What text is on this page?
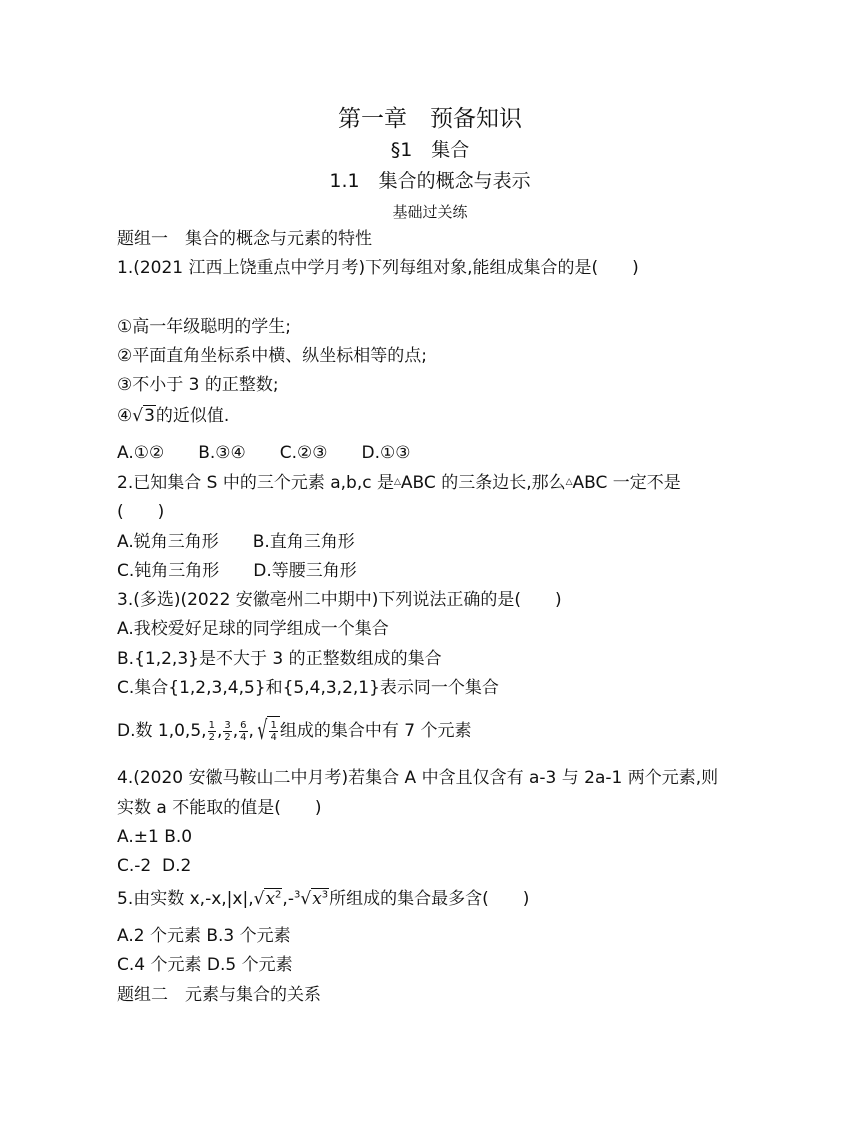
第一章　预备知识
§1　集合
1.1　集合的概念与表示
基础过关练
题组一　集合的概念与元素的特性
1.(2021 江西上饶重点中学月考)下列每组对象,能组成集合的是(　　)
①高一年级聪明的学生;
②平面直角坐标系中横、纵坐标相等的点;
③不小于 3 的正整数;
④√3的近似值.
A.①②　　B.③④　　C.②③　　D.①③
2.已知集合 S 中的三个元素 a,b,c 是△ABC 的三条边长,那么△ABC 一定不是
(　　)
A.锐角三角形　　B.直角三角形
C.钝角三角形　　D.等腰三角形
3.(多选)(2022 安徽亳州二中期中)下列说法正确的是(　　)
A.我校爱好足球的同学组成一个集合
B.{1,2,3}是不大于 3 的正整数组成的集合
C.集合{1,2,3,4,5}和{5,4,3,2,1}表示同一个集合
D.数 1,0,5, $\frac{1}{2}$ , $\frac{3}{2}$ , $\frac{6}{4}$ , √ $\frac{1}{4}$ 组成的集合中有 7 个元素
4.(2020 安徽马鞍山二中月考)若集合 A 中含且仅含有 a-3 与 2a-1 两个元素,则
实数 a 不能取的值是(　　)
A.±1 B.0
C.-2  D.2
5.由实数 $x,-x,|x|,√x^2,-^3√x^3$所组成的集合最多含(　　)
A.2 个元素 B.3 个元素
C.4 个元素 D.5 个元素
题组二　元素与集合的关系
